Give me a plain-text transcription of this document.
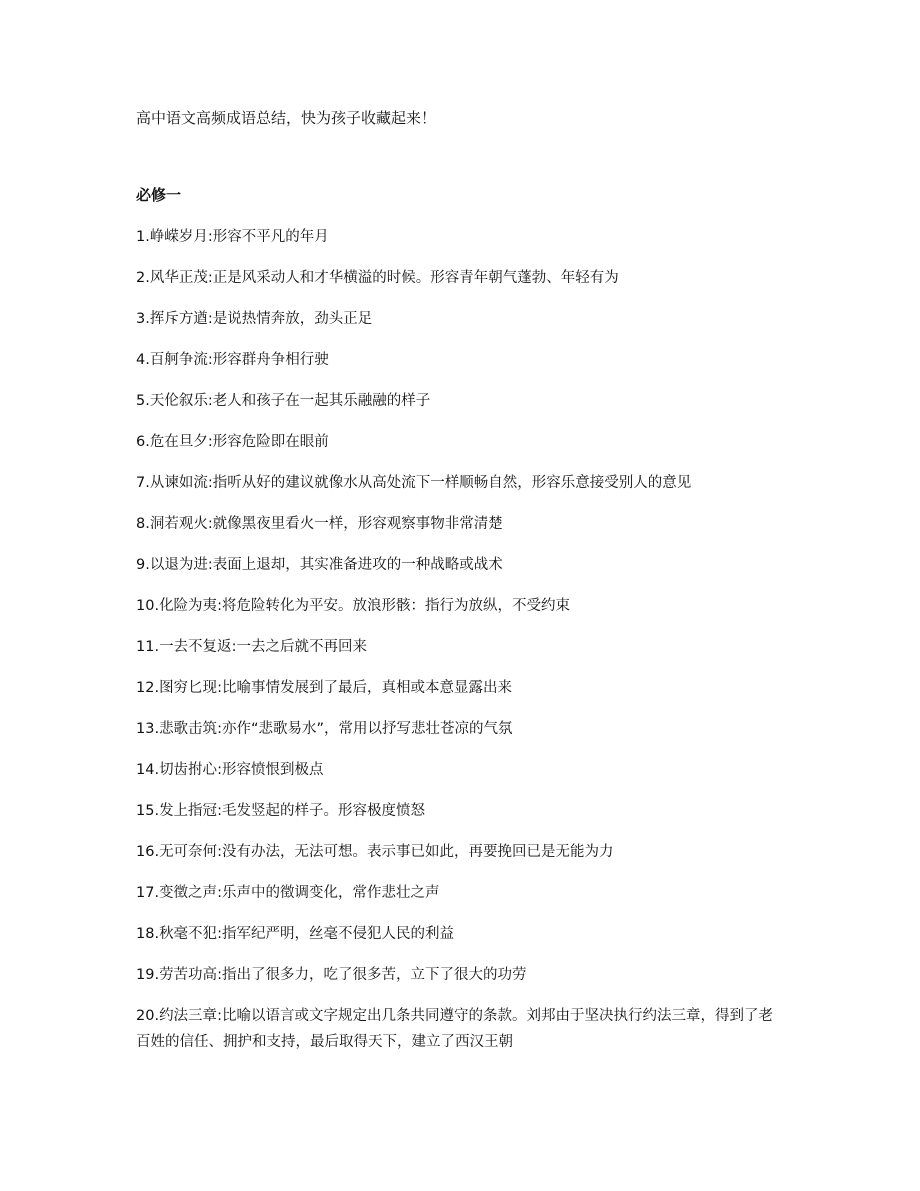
高中语文高频成语总结，快为孩子收藏起来！
必修一
1.峥嵘岁月:形容不平凡的年月
2.风华正茂:正是风采动人和才华横溢的时候。形容青年朝气蓬勃、年轻有为
3.挥斥方遒:是说热情奔放，劲头正足
4.百舸争流:形容群舟争相行驶
5.天伦叙乐:老人和孩子在一起其乐融融的样子
6.危在旦夕:形容危险即在眼前
7.从谏如流:指听从好的建议就像水从高处流下一样顺畅自然，形容乐意接受别人的意见
8.洞若观火:就像黑夜里看火一样，形容观察事物非常清楚
9.以退为进:表面上退却，其实准备进攻的一种战略或战术
10.化险为夷:将危险转化为平安。放浪形骸：指行为放纵，不受约束
11.一去不复返:一去之后就不再回来
12.图穷匕现:比喻事情发展到了最后，真相或本意显露出来
13.悲歌击筑:亦作“悲歌易水”，常用以抒写悲壮苍凉的气氛
14.切齿拊心:形容愤恨到极点
15.发上指冠:毛发竖起的样子。形容极度愤怒
16.无可奈何:没有办法，无法可想。表示事已如此，再要挽回已是无能为力
17.变徵之声:乐声中的徵调变化，常作悲壮之声
18.秋毫不犯:指军纪严明，丝毫不侵犯人民的利益
19.劳苦功高:指出了很多力，吃了很多苦，立下了很大的功劳
20.约法三章:比喻以语言或文字规定出几条共同遵守的条款。刘邦由于坚决执行约法三章，得到了老百姓的信任、拥护和支持，最后取得天下，建立了西汉王朝
